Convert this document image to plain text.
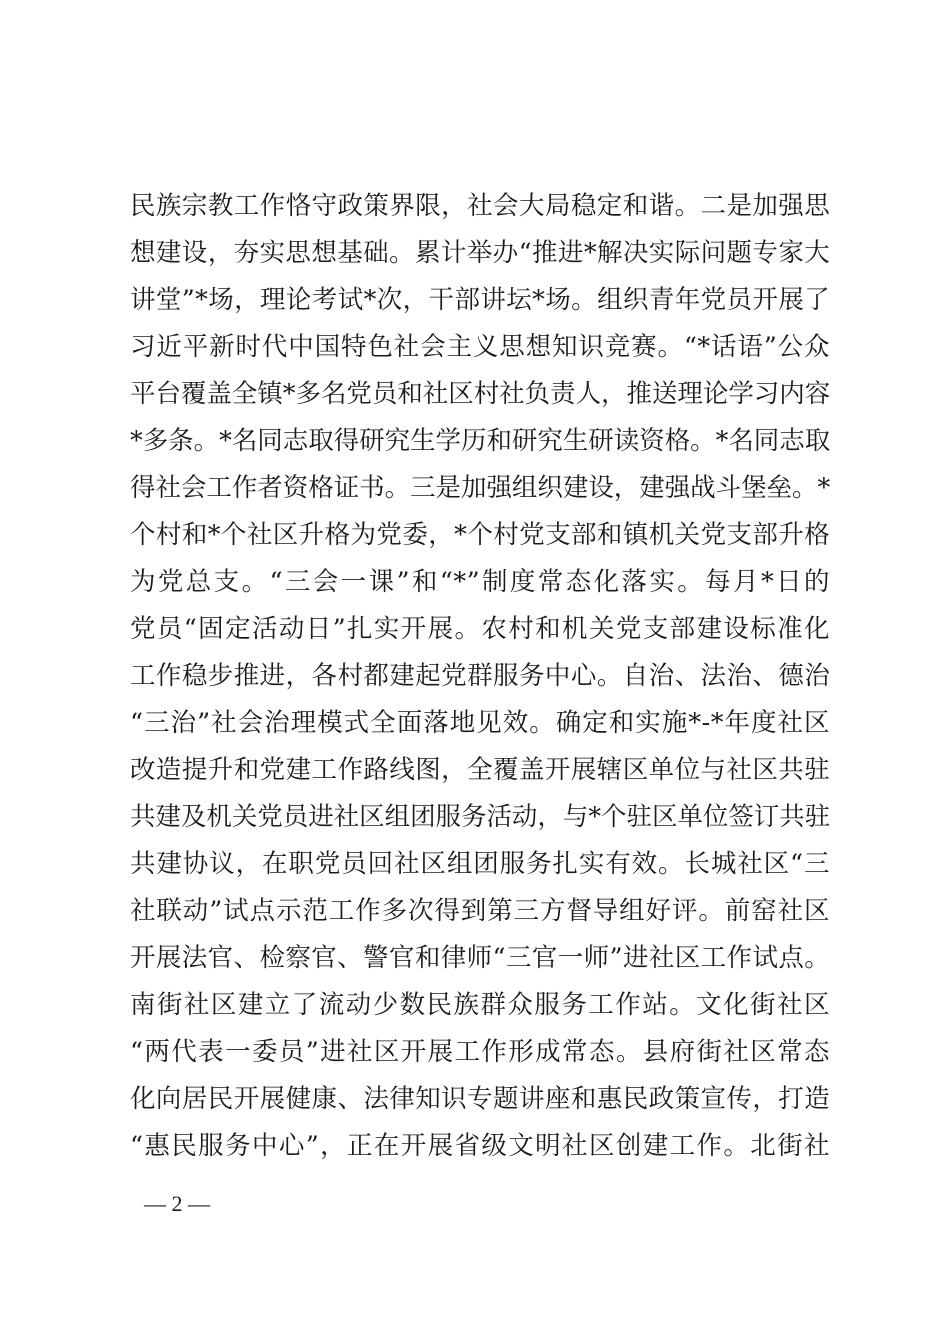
民族宗教工作恪守政策界限，社会大局稳定和谐。二是加强思
想建设，夯实思想基础。累计举办“推进*解决实际问题专家大
讲堂”*场，理论考试*次，干部讲坛*场。组织青年党员开展了
习近平新时代中国特色社会主义思想知识竞赛。“*话语”公众
平台覆盖全镇*多名党员和社区村社负责人，推送理论学习内容
*多条。*名同志取得研究生学历和研究生研读资格。*名同志取
得社会工作者资格证书。三是加强组织建设，建强战斗堡垒。*
个村和*个社区升格为党委，*个村党支部和镇机关党支部升格
为党总支。“三会一课”和“*”制度常态化落实。每月*日的
党员“固定活动日”扎实开展。农村和机关党支部建设标准化
工作稳步推进，各村都建起党群服务中心。自治、法治、德治
“三治”社会治理模式全面落地见效。确定和实施*-*年度社区
改造提升和党建工作路线图，全覆盖开展辖区单位与社区共驻
共建及机关党员进社区组团服务活动，与*个驻区单位签订共驻
共建协议，在职党员回社区组团服务扎实有效。长城社区“三
社联动”试点示范工作多次得到第三方督导组好评。前窑社区
开展法官、检察官、警官和律师“三官一师”进社区工作试点。
南街社区建立了流动少数民族群众服务工作站。文化街社区
“两代表一委员”进社区开展工作形成常态。县府街社区常态
化向居民开展健康、法律知识专题讲座和惠民政策宣传，打造
“惠民服务中心”，正在开展省级文明社区创建工作。北街社
— 2 —
